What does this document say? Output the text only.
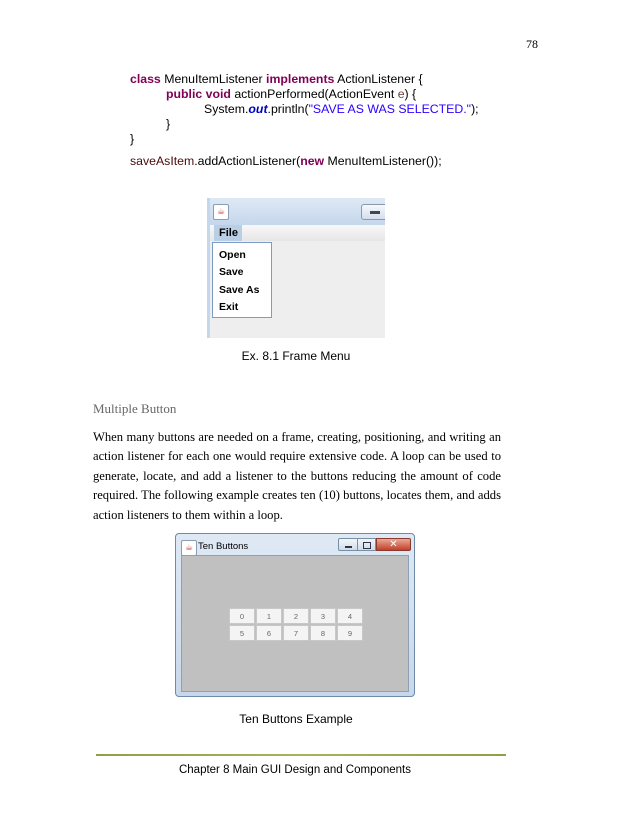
78
class MenuItemListener implements ActionListener {
public void actionPerformed(ActionEvent e) {
System.out.println("SAVE AS WAS SELECTED.");
}
}
saveAsItem.addActionListener(new MenuItemListener());
☕
File
Open
Save
Save As
Exit
Ex. 8.1 Frame Menu
Multiple Button
When many buttons are needed on a frame, creating, positioning, and writing an action listener for each one would require extensive code. A loop can be used to generate, locate, and add a listener to the buttons reducing the amount of code required. The following example creates ten (10) buttons, locates them, and adds action listeners to them within a loop.
☕ Ten Buttons	✕
0	1	2	3	4
5	6	7	8	9
Ten Buttons Example
Chapter 8 Main GUI Design and Components
